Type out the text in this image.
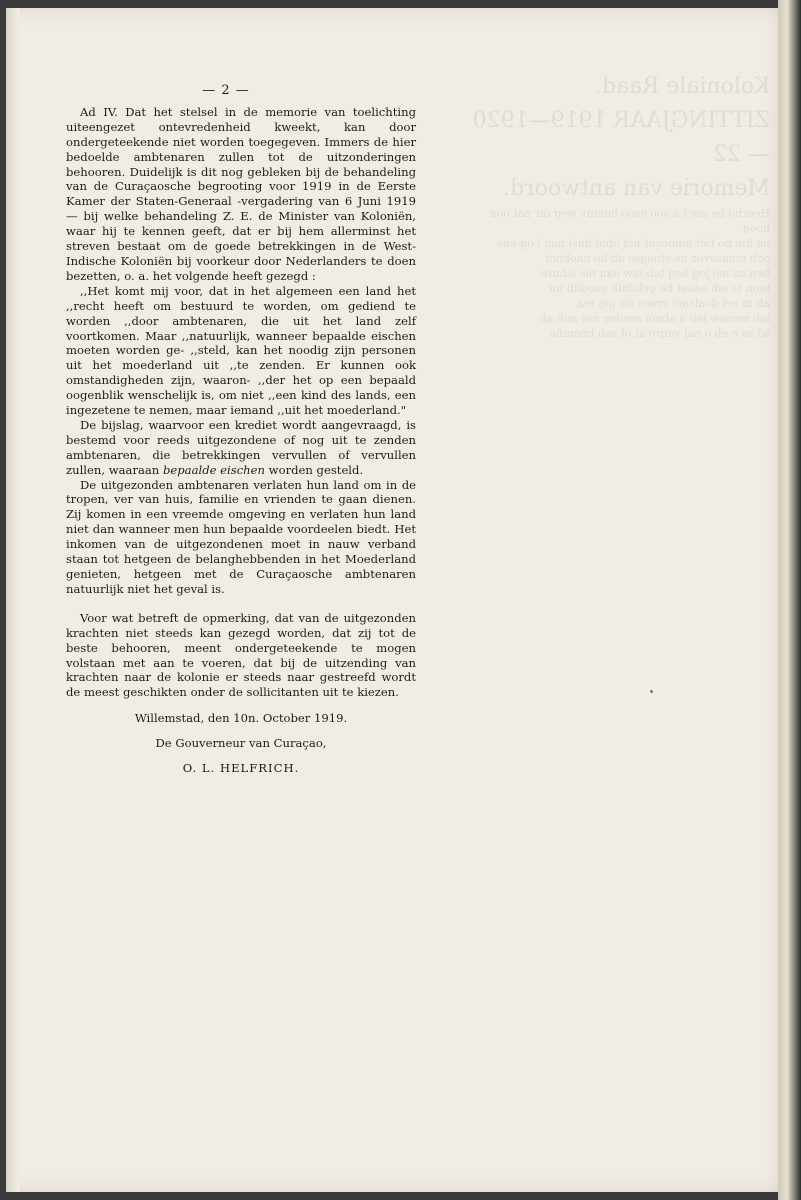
— 2 —

Ad IV. Dat het stelsel in de memorie van toelichting uiteengezet ontevredenheid kweekt, kan door ondergeteekende niet worden toegegeven. Immers de hier bedoelde ambtenaren zullen tot de uitzonderingen behooren. Duidelijk is dit nog gebleken bij de behandeling van de Curaçaosche begrooting voor 1919 in de Eerste Kamer der Staten-Generaal -vergadering van 6 Juni 1919 — bij welke behandeling Z. E. de Minister van Koloniën, waar hij te kennen geeft, dat er bij hem allerminst het streven bestaat om de goede betrekkingen in de West-Indische Koloniën bij voorkeur door Nederlanders te doen bezetten, o. a. het volgende heeft gezegd :

,,Het komt mij voor, dat in het algemeen een land het ,,recht heeft om bestuurd te worden, om gediend te worden ,,door ambtenaren, die uit het land zelf voortkomen. Maar ,,natuurlijk, wanneer bepaalde eischen moeten worden ge- ,,steld, kan het noodig zijn personen uit het moederland uit ,,te zenden. Er kunnen ook omstandigheden zijn, waaron- ,,der het op een bepaald oogenblik wenschelijk is, om niet ,,een kind des lands, een ingezetene te nemen, maar iemand ,,uit het moederland."

De bijslag, waarvoor een krediet wordt aangevraagd, is bestemd voor reeds uitgezondene of nog uit te zenden ambtenaren, die betrekkingen vervullen of vervullen zullen, waaraan bepaalde eischen worden gesteld.

De uitgezonden ambtenaren verlaten hun land om in de tropen, ver van huis, familie en vrienden te gaan dienen. Zij komen in een vreemde omgeving en verlaten hun land niet dan wanneer men hun bepaalde voordeelen biedt. Het inkomen van de uitgezondenen moet in nauw verband staan tot hetgeen de belanghebbenden in het Moederland genieten, hetgeen met de Curaçaosche ambtenaren natuurlijk niet het geval is.

Voor wat betreft de opmerking, dat van de uitgezonden krachten niet steeds kan gezegd worden, dat zij tot de beste behooren, meent ondergeteekende te mogen volstaan met aan te voeren, dat bij de uitzending van krachten naar de kolonie er steeds naar gestreefd wordt de meest geschikten onder de sollicitanten uit te kiezen.

Willemstad, den 10n. October 1919.

De Gouverneur van Curaçao,

O. L. HELFRICH.
